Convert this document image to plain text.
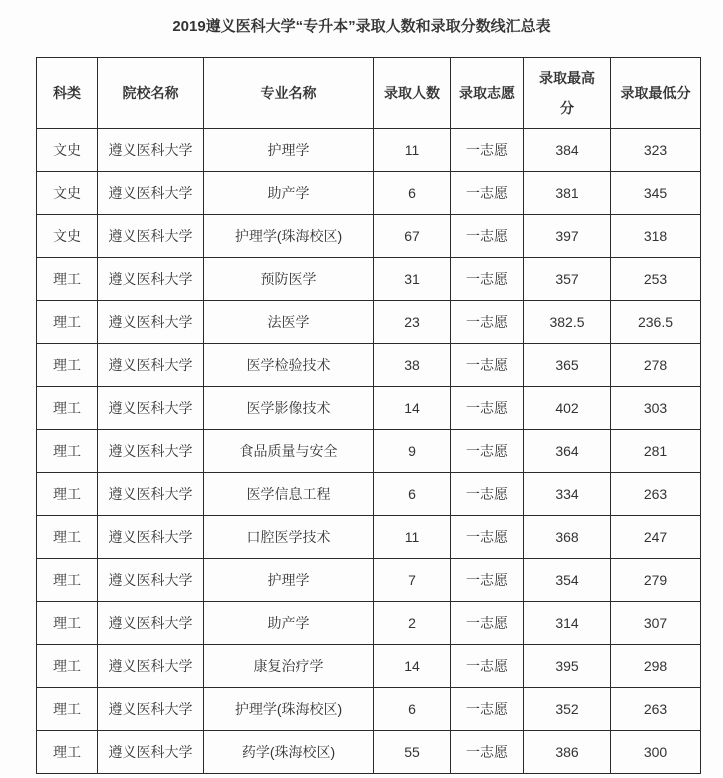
2019遵义医科大学“专升本”录取人数和录取分数线汇总表
科类	院校名称	专业名称	录取人数	录取志愿	录取最高分	录取最低分
文史	遵义医科大学	护理学	11	一志愿	384	323
文史	遵义医科大学	助产学	6	一志愿	381	345
文史	遵义医科大学	护理学(珠海校区)	67	一志愿	397	318
理工	遵义医科大学	预防医学	31	一志愿	357	253
理工	遵义医科大学	法医学	23	一志愿	382.5	236.5
理工	遵义医科大学	医学检验技术	38	一志愿	365	278
理工	遵义医科大学	医学影像技术	14	一志愿	402	303
理工	遵义医科大学	食品质量与安全	9	一志愿	364	281
理工	遵义医科大学	医学信息工程	6	一志愿	334	263
理工	遵义医科大学	口腔医学技术	11	一志愿	368	247
理工	遵义医科大学	护理学	7	一志愿	354	279
理工	遵义医科大学	助产学	2	一志愿	314	307
理工	遵义医科大学	康复治疗学	14	一志愿	395	298
理工	遵义医科大学	护理学(珠海校区)	6	一志愿	352	263
理工	遵义医科大学	药学(珠海校区)	55	一志愿	386	300
